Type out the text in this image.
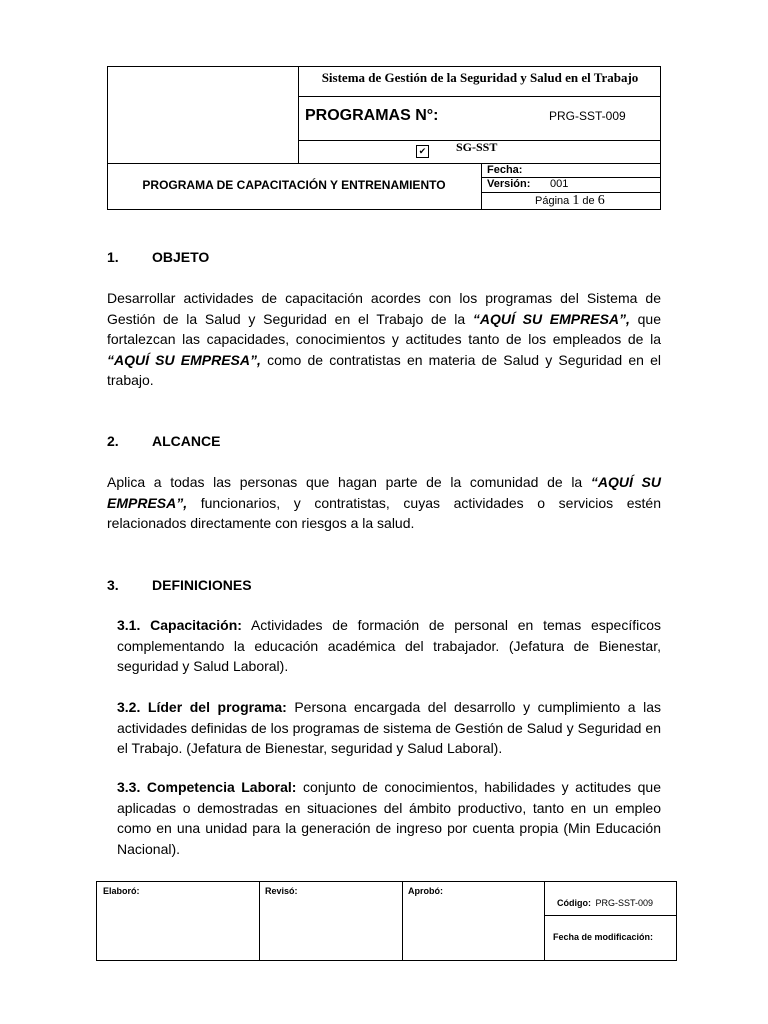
Sistema de Gestión de la Seguridad y Salud en el Trabajo
PROGRAMAS N°:	PRG-SST-009
✔ SG-SST
PROGRAMA DE CAPACITACIÓN Y ENTRENAMIENTO
Fecha:
Versión: 001
Página 1 de 6
1. OBJETO
Desarrollar actividades de capacitación acordes con los programas del Sistema de Gestión de la Salud y Seguridad en el Trabajo de la “AQUÍ SU EMPRESA”, que fortalezcan las capacidades, conocimientos y actitudes tanto de los empleados de la “AQUÍ SU EMPRESA”, como de contratistas en materia de Salud y Seguridad en el trabajo.
2. ALCANCE
Aplica a todas las personas que hagan parte de la comunidad de la “AQUÍ SU EMPRESA”, funcionarios, y contratistas, cuyas actividades o servicios estén relacionados directamente con riesgos a la salud.
3. DEFINICIONES
3.1. Capacitación: Actividades de formación de personal en temas específicos complementando la educación académica del trabajador. (Jefatura de Bienestar, seguridad y Salud Laboral).
3.2. Líder del programa: Persona encargada del desarrollo y cumplimiento a las actividades definidas de los programas de sistema de Gestión de Salud y Seguridad en el Trabajo. (Jefatura de Bienestar, seguridad y Salud Laboral).
3.3. Competencia Laboral: conjunto de conocimientos, habilidades y actitudes que aplicadas o demostradas en situaciones del ámbito productivo, tanto en un empleo como en una unidad para la generación de ingreso por cuenta propia (Min Educación Nacional).
Elaboró:	Revisó:	Aprobó:
Código: PRG-SST-009
Fecha de modificación:
